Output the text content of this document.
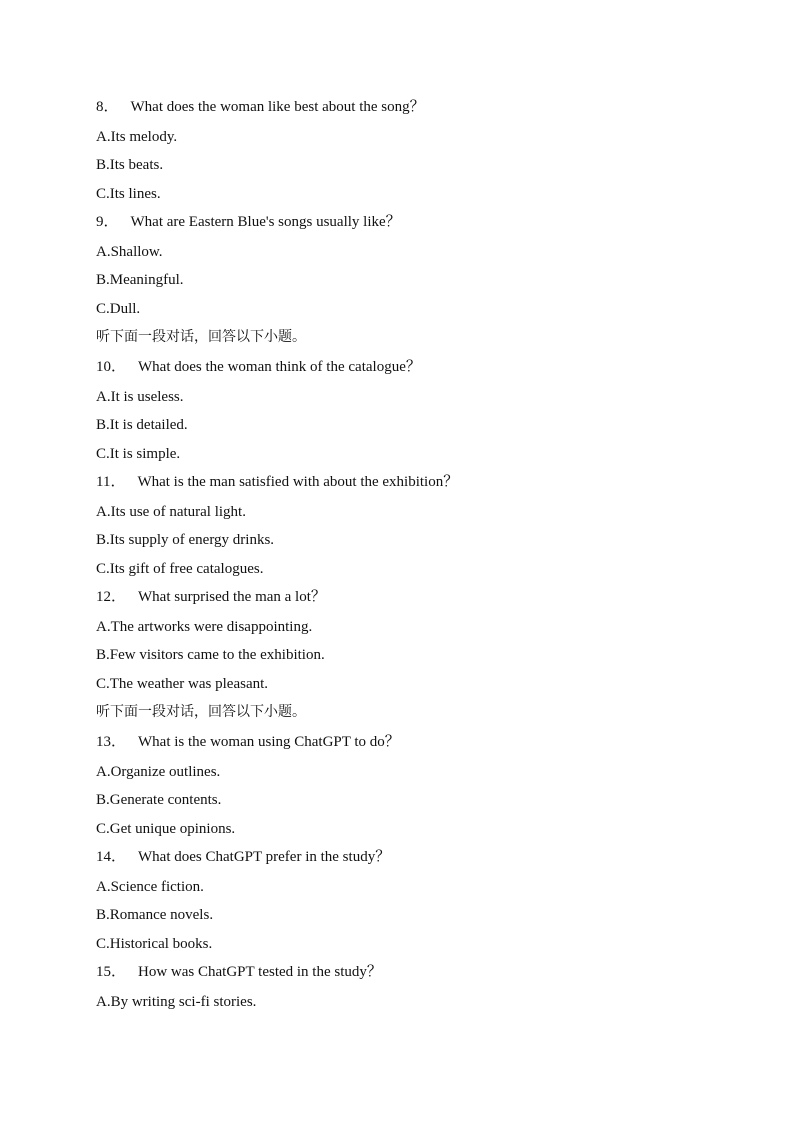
8． What does the woman like best about the song？
A.Its melody.
B.Its beats.
C.Its lines.
9． What are Eastern Blue's songs usually like？
A.Shallow.
B.Meaningful.
C.Dull.
听下面一段对话，回答以下小题。
10． What does the woman think of the catalogue？
A.It is useless.
B.It is detailed.
C.It is simple.
11． What is the man satisfied with about the exhibition？
A.Its use of natural light.
B.Its supply of energy drinks.
C.Its gift of free catalogues.
12． What surprised the man a lot？
A.The artworks were disappointing.
B.Few visitors came to the exhibition.
C.The weather was pleasant.
听下面一段对话，回答以下小题。
13． What is the woman using ChatGPT to do？
A.Organize outlines.
B.Generate contents.
C.Get unique opinions.
14． What does ChatGPT prefer in the study？
A.Science fiction.
B.Romance novels.
C.Historical books.
15． How was ChatGPT tested in the study？
A.By writing sci-fi stories.
